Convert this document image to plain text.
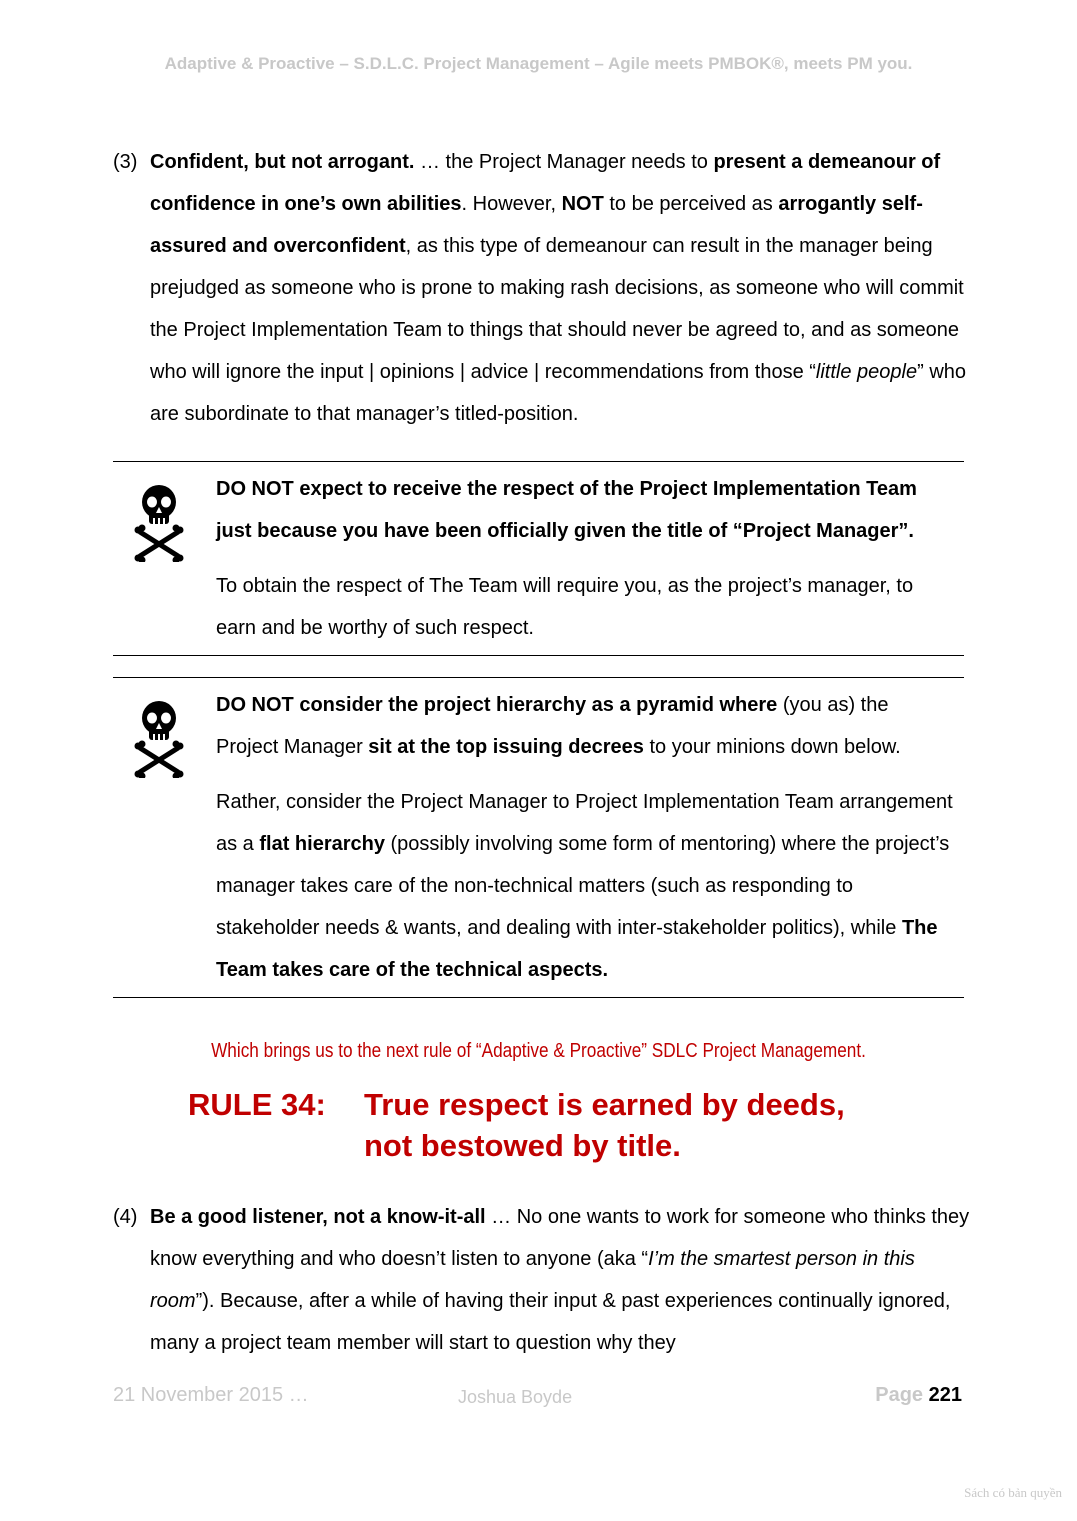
Adaptive & Proactive – S.D.L.C. Project Management – Agile meets PMBOK®, meets PM you.
(3) Confident, but not arrogant. … the Project Manager needs to present a demeanour of confidence in one’s own abilities. However, NOT to be perceived as arrogantly self-assured and overconfident, as this type of demeanour can result in the manager being prejudged as someone who is prone to making rash decisions, as someone who will commit the Project Implementation Team to things that should never be agreed to, and as someone who will ignore the input | opinions | advice | recommendations from those “little people” who are subordinate to that manager’s titled-position.
DO NOT expect to receive the respect of the Project Implementation Team just because you have been officially given the title of “Project Manager”.
To obtain the respect of The Team will require you, as the project’s manager, to earn and be worthy of such respect.
DO NOT consider the project hierarchy as a pyramid where (you as) the Project Manager sit at the top issuing decrees to your minions down below.
Rather, consider the Project Manager to Project Implementation Team arrangement as a flat hierarchy (possibly involving some form of mentoring) where the project’s manager takes care of the non-technical matters (such as responding to stakeholder needs & wants, and dealing with inter-stakeholder politics), while The Team takes care of the technical aspects.
Which brings us to the next rule of “Adaptive & Proactive” SDLC Project Management.
RULE 34: True respect is earned by deeds,
not bestowed by title.
(4) Be a good listener, not a know-it-all … No one wants to work for someone who thinks they know everything and who doesn’t listen to anyone (aka “I’m the smartest person in this room”). Because, after a while of having their input & past experiences continually ignored, many a project team member will start to question why they
21 November 2015 …	Joshua Boyde	Page 221
Sách có bản quyền
